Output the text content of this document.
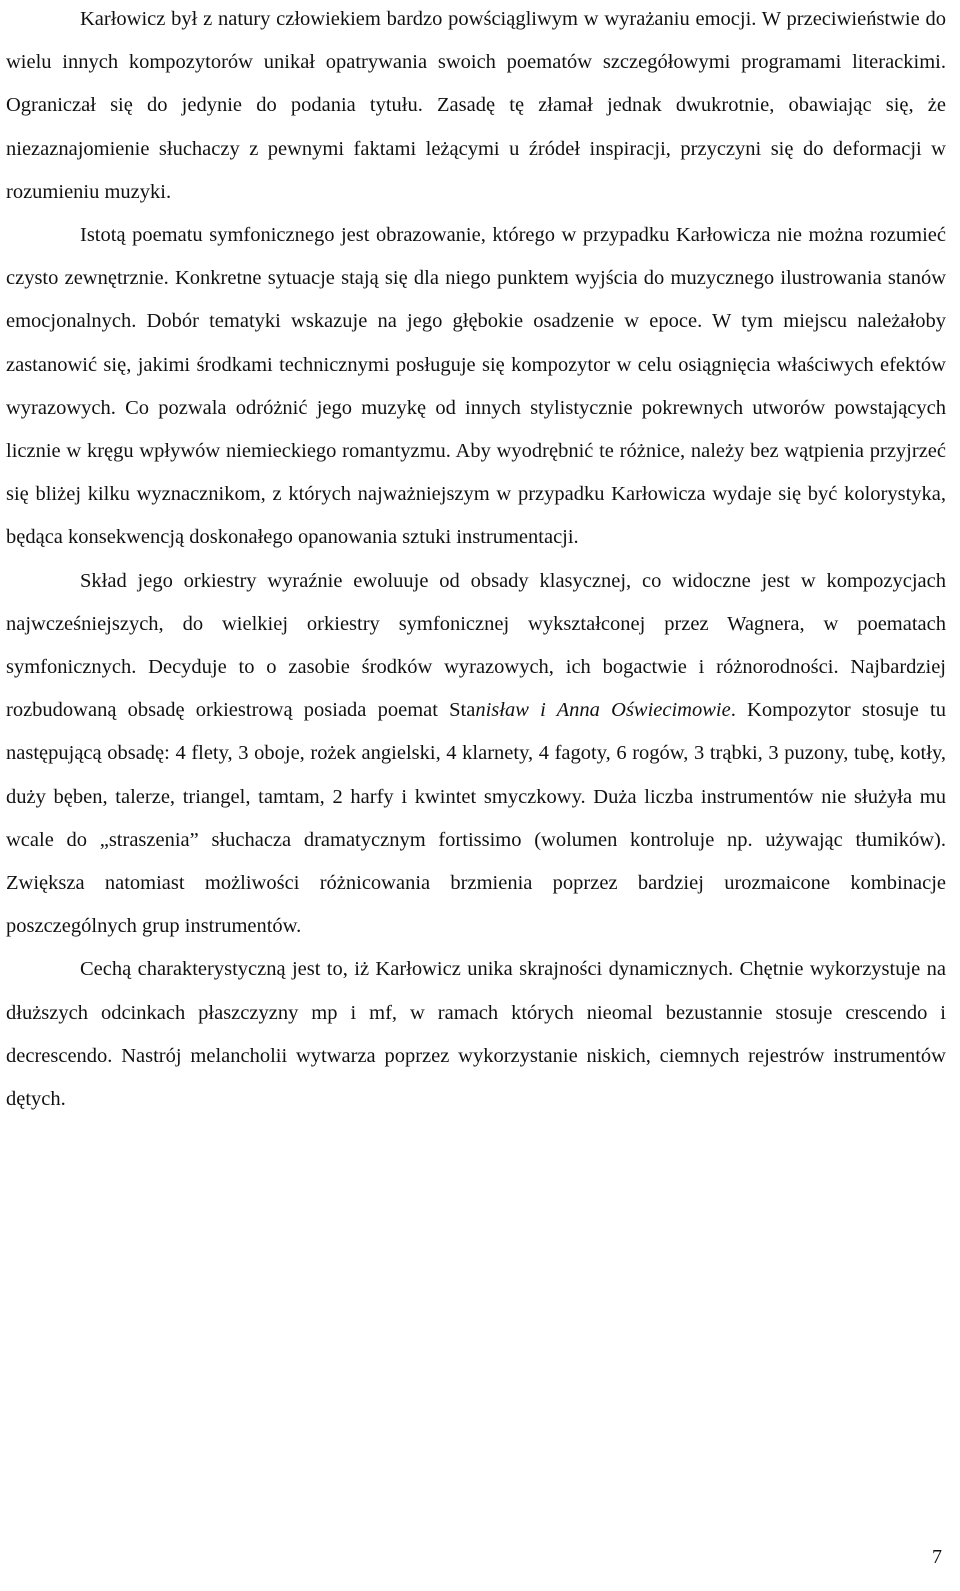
Karłowicz był z natury człowiekiem bardzo powściągliwym w wyrażaniu emocji. W przeciwieństwie do wielu innych kompozytorów unikał opatrywania swoich poematów szczegółowymi programami literackimi. Ograniczał się do jedynie do podania tytułu. Zasadę tę złamał jednak dwukrotnie, obawiając się, że niezaznajomienie słuchaczy z pewnymi faktami leżącymi u źródeł inspiracji, przyczyni się do deformacji w rozumieniu muzyki.

Istotą poematu symfonicznego jest obrazowanie, którego w przypadku Karłowicza nie można rozumieć czysto zewnętrznie. Konkretne sytuacje stają się dla niego punktem wyjścia do muzycznego ilustrowania stanów emocjonalnych. Dobór tematyki wskazuje na jego głębokie osadzenie w epoce. W tym miejscu należałoby zastanowić się, jakimi środkami technicznymi posługuje się kompozytor w celu osiągnięcia właściwych efektów wyrazowych. Co pozwala odróżnić jego muzykę od innych stylistycznie pokrewnych utworów powstających licznie w kręgu wpływów niemieckiego romantyzmu. Aby wyodrębnić te różnice, należy bez wątpienia przyjrzeć się bliżej kilku wyznacznikom, z których najważniejszym w przypadku Karłowicza wydaje się być kolorystyka, będąca konsekwencją doskonałego opanowania sztuki instrumentacji.

Skład jego orkiestry wyraźnie ewoluuje od obsady klasycznej, co widoczne jest w kompozycjach najwcześniejszych, do wielkiej orkiestry symfonicznej wykształconej przez Wagnera, w poematach symfonicznych. Decyduje to o zasobie środków wyrazowych, ich bogactwie i różnorodności. Najbardziej rozbudowaną obsadę orkiestrową posiada poemat Stanisław i Anna Oświecimowie. Kompozytor stosuje tu następującą obsadę: 4 flety, 3 oboje, rożek angielski, 4 klarnety, 4 fagoty, 6 rogów, 3 trąbki, 3 puzony, tubę, kotły, duży bęben, talerze, triangel, tamtam, 2 harfy i kwintet smyczkowy. Duża liczba instrumentów nie służyła mu wcale do „straszenia” słuchacza dramatycznym fortissimo (wolumen kontroluje np. używając tłumików). Zwiększa natomiast możliwości różnicowania brzmienia poprzez bardziej urozmaicone kombinacje poszczególnych grup instrumentów.

Cechą charakterystyczną jest to, iż Karłowicz unika skrajności dynamicznych. Chętnie wykorzystuje na dłuższych odcinkach płaszczyzny mp i mf, w ramach których nieomal bezustannie stosuje crescendo i decrescendo. Nastrój melancholii wytwarza poprzez wykorzystanie niskich, ciemnych rejestrów instrumentów dętych.

7
